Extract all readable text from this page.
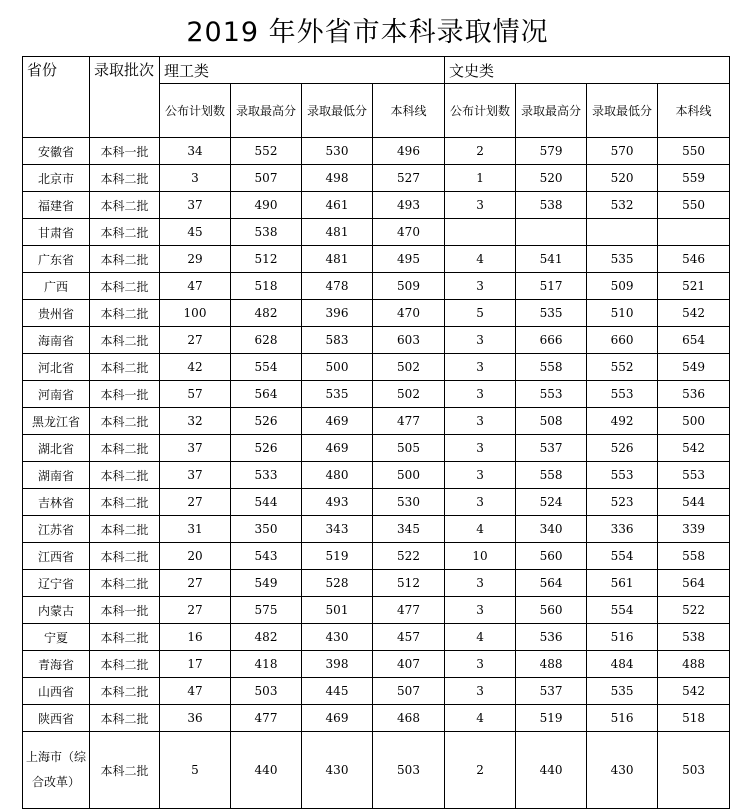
2019 年外省市本科录取情况
省份	录取批次	理工类				文史类			
		公布计划数	录取最高分	录取最低分	本科线	公布计划数	录取最高分	录取最低分	本科线
安徽省	本科一批	34	552	530	496	2	579	570	550
北京市	本科二批	3	507	498	527	1	520	520	559
福建省	本科二批	37	490	461	493	3	538	532	550
甘肃省	本科二批	45	538	481	470				
广东省	本科二批	29	512	481	495	4	541	535	546
广西	本科二批	47	518	478	509	3	517	509	521
贵州省	本科二批	100	482	396	470	5	535	510	542
海南省	本科二批	27	628	583	603	3	666	660	654
河北省	本科二批	42	554	500	502	3	558	552	549
河南省	本科一批	57	564	535	502	3	553	553	536
黑龙江省	本科二批	32	526	469	477	3	508	492	500
湖北省	本科二批	37	526	469	505	3	537	526	542
湖南省	本科二批	37	533	480	500	3	558	553	553
吉林省	本科二批	27	544	493	530	3	524	523	544
江苏省	本科二批	31	350	343	345	4	340	336	339
江西省	本科二批	20	543	519	522	10	560	554	558
辽宁省	本科二批	27	549	528	512	3	564	561	564
内蒙古	本科一批	27	575	501	477	3	560	554	522
宁夏	本科二批	16	482	430	457	4	536	516	538
青海省	本科二批	17	418	398	407	3	488	484	488
山西省	本科二批	47	503	445	507	3	537	535	542
陕西省	本科二批	36	477	469	468	4	519	516	518
上海市（综合改革）	本科二批	5	440	430	503	2	440	430	503
